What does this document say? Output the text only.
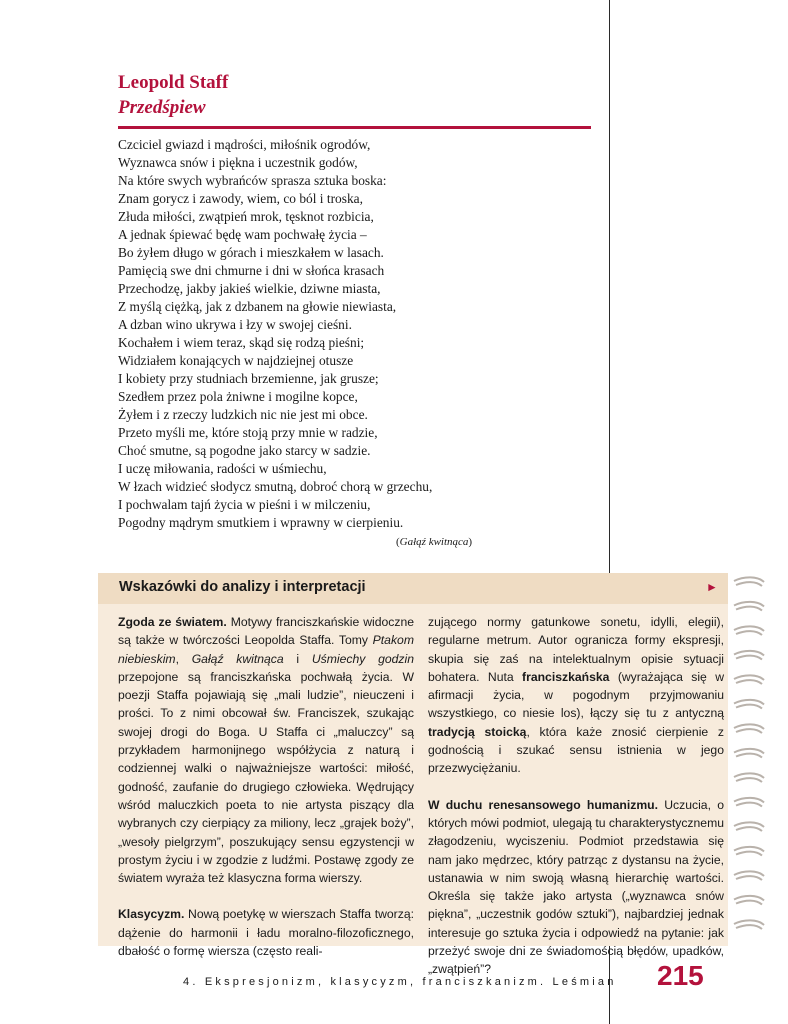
Leopold Staff
Przedśpiew
Czciciel gwiazd i mądrości, miłośnik ogrodów,
Wyznawca snów i piękna i uczestnik godów,
Na które swych wybrańców sprasza sztuka boska:
Znam gorycz i zawody, wiem, co ból i troska,
Złuda miłości, zwątpień mrok, tęsknot rozbicia,
A jednak śpiewać będę wam pochwałę życia –
Bo żyłem długo w górach i mieszkałem w lasach.
Pamięcią swe dni chmurne i dni w słońca krasach
Przechodzę, jakby jakieś wielkie, dziwne miasta,
Z myślą ciężką, jak z dzbanem na głowie niewiasta,
A dzban wino ukrywa i łzy w swojej cieśni.
Kochałem i wiem teraz, skąd się rodzą pieśni;
Widziałem konających w najdziejnej otusze
I kobiety przy studniach brzemienne, jak grusze;
Szedłem przez pola żniwne i mogilne kopce,
Żyłem i z rzeczy ludzkich nic nie jest mi obce.
Przeto myśli me, które stoją przy mnie w radzie,
Choć smutne, są pogodne jako starcy w sadzie.
I uczę miłowania, radości w uśmiechu,
W łzach widzieć słodycz smutną, dobroć chorą w grzechu,
I pochwalam tajń życia w pieśni i w milczeniu,
Pogodny mądrym smutkiem i wprawny w cierpieniu.
(Gałąź kwitnąca)
Wskazówki do analizy i interpretacji	►

Zgoda ze światem. Motywy franciszkańskie widoczne są także w twórczości Leopolda Staffa. Tomy Ptakom niebieskim, Gałąź kwitnąca i Uśmiechy godzin przepojone są franciszkańska pochwałą życia. W poezji Staffa pojawiają się „mali ludzie”, nieuczeni i prości. To z nimi obcował św. Franciszek, szukając swojej drogi do Boga. U Staffa ci „maluczcy” są przykładem harmonijnego współżycia z naturą i codziennej walki o najważniejsze wartości: miłość, godność, zaufanie do drugiego człowieka. Wędrujący wśród maluczkich poeta to nie artysta piszący dla wybranych czy cierpiący za miliony, lecz „grajek boży”, „wesoły pielgrzym”, poszukujący sensu egzystencji w prostym życiu i w zgodzie z ludźmi. Postawę zgody ze światem wyraża też klasyczna forma wierszy.

Klasycyzm. Nową poetykę w wierszach Staffa tworzą: dążenie do harmonii i ładu moralno-filozoficznego, dbałość o formę wiersza (często reali-

zującego normy gatunkowe sonetu, idylli, elegii), regularne metrum. Autor ogranicza formy ekspresji, skupia się zaś na intelektualnym opisie sytuacji bohatera. Nuta franciszkańska (wyrażająca się w afirmacji życia, w pogodnym przyjmowaniu wszystkiego, co niesie los), łączy się tu z antyczną tradycją stoicką, która każe znosić cierpienie z godnością i szukać sensu istnienia w jego przezwyciężaniu.

W duchu renesansowego humanizmu. Uczucia, o których mówi podmiot, ulegają tu charakterystycznemu złagodzeniu, wyciszeniu. Podmiot przedstawia się nam jako mędrzec, który patrząc z dystansu na życie, ustanawia w nim swoją własną hierarchię wartości. Określa się także jako artysta („wyznawca snów piękna”, „uczestnik godów sztuki”), najbardziej jednak interesuje go sztuka życia i odpowiedź na pytanie: jak przeżyć swoje dni ze świadomością błędów, upadków, „zwątpień”?

4. Ekspresjonizm, klasycyzm, franciszkanizm. Leśmian 215
